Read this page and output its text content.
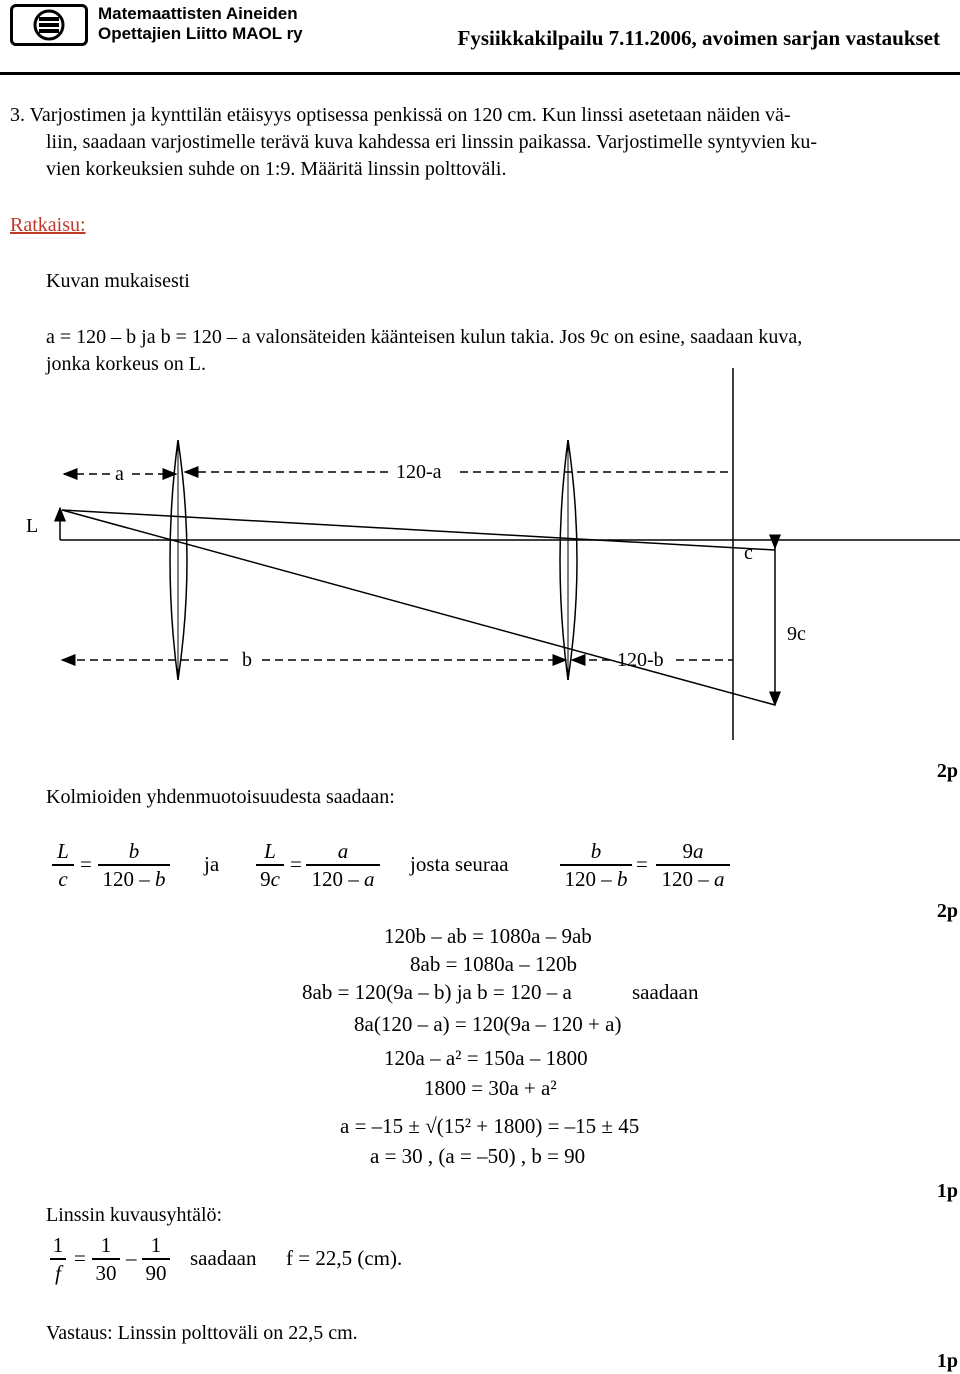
Matemaattisten Aineiden
Opettajien Liitto MAOL ry	Fysiikkakilpailu 7.11.2006, avoimen sarjan vastaukset
3. Varjostimen ja kynttilän etäisyys optisessa penkissä on 120 cm. Kun linssi asetetaan näiden vä-
liin, saadaan varjostimelle terävä kuva kahdessa eri linssin paikassa. Varjostimelle syntyvien ku-
vien korkeuksien suhde on 1:9. Määritä linssin polttoväli.
Ratkaisu:
Kuvan mukaisesti
a = 120 – b ja b = 120 – a valonsäteiden käänteisen kulun takia. Jos 9c on esine, saadaan kuva,
jonka korkeus on L.
a	120-a
L
c
9c
b	120-b
Kolmioiden yhdenmuotoisuudesta saadaan:
2p
L
c
=
b
120 – b
ja
L
9c
=
a
120 – a
josta seuraa
b
120 – b
=
9a
120 – a
2p
120b – ab = 1080a – 9ab
8ab = 1080a – 120b
8ab = 120(9a – b) ja b = 120 – a	saadaan
8a(120 – a) = 120(9a – 120 + a)
120a – a² = 150a – 1800
1800 = 30a + a²
a = –15 ± √(15² + 1800) = –15 ± 45
a = 30 , (a = –50) , b = 90
1p
Linssin kuvausyhtälö:
1
f
=
1
30
–
1
90
saadaan f = 22,5 (cm).
Vastaus: Linssin polttoväli on 22,5 cm.
1p
